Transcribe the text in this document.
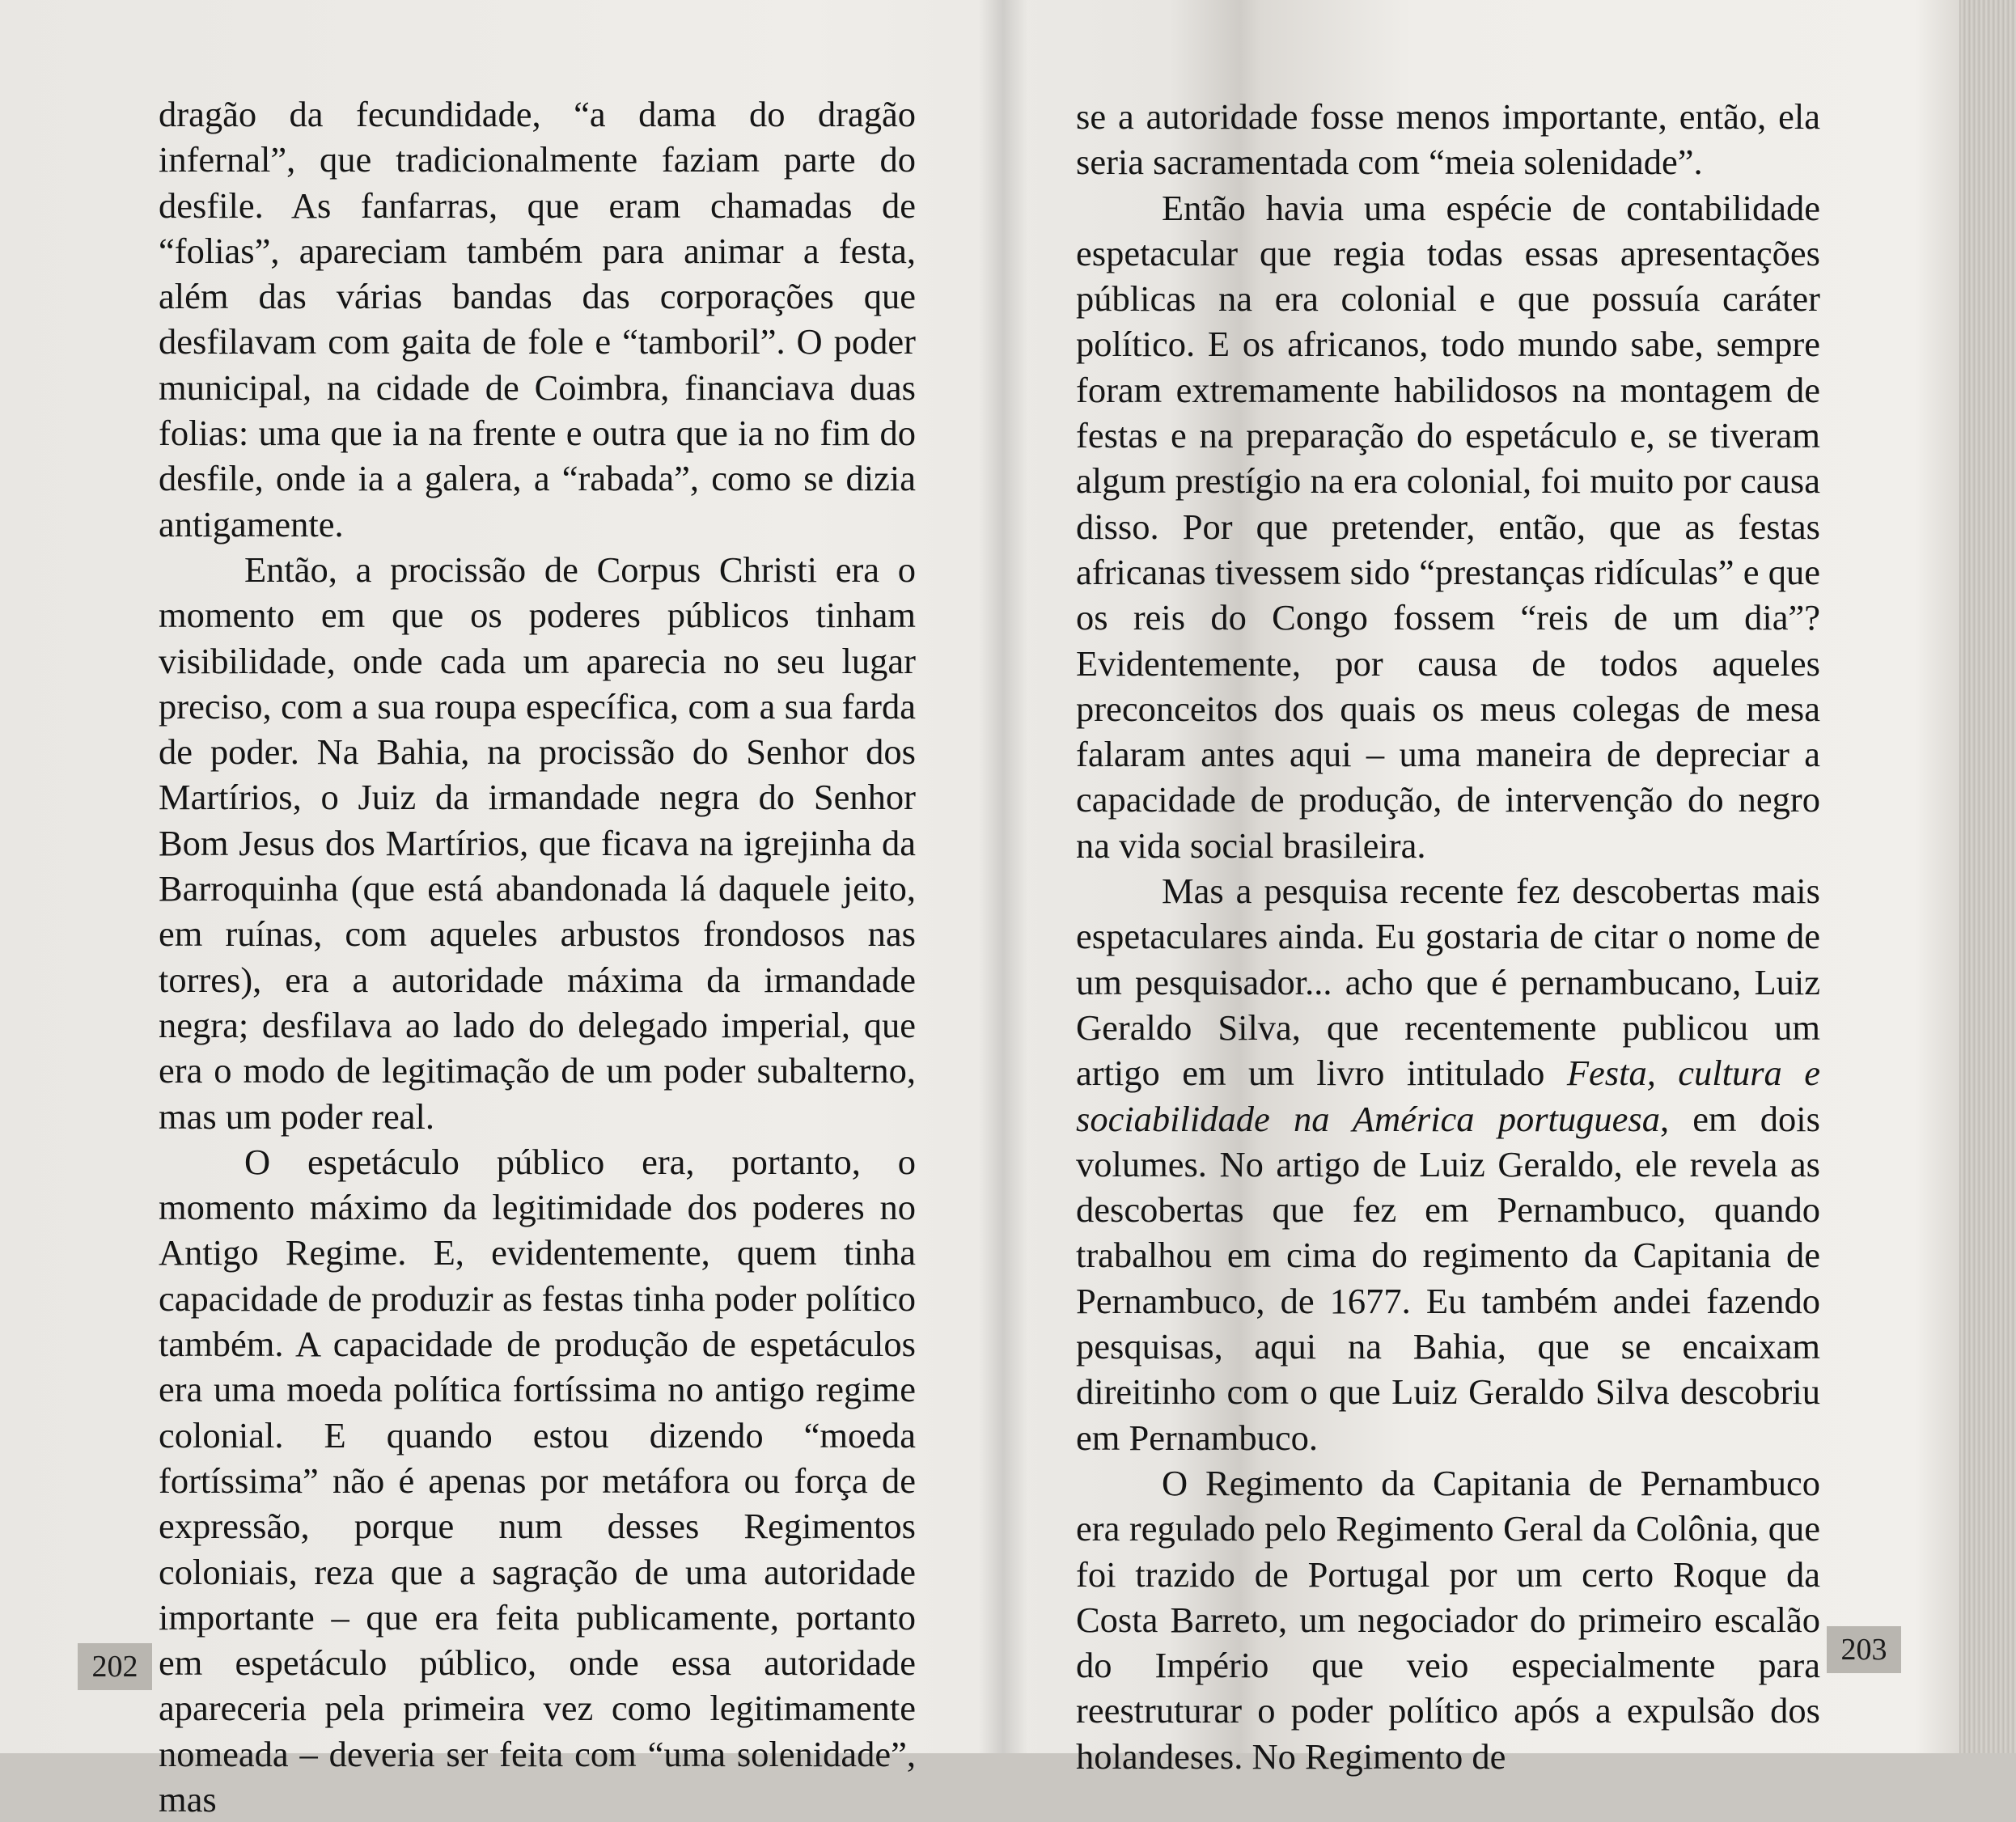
dragão da fecundidade, “a dama do dragão infernal”, que tradicionalmente faziam parte do desfile. As fanfarras, que eram chamadas de “folias”, apareciam também para animar a festa, além das várias bandas das corporações que desfilavam com gaita de fole e “tamboril”. O poder municipal, na cidade de Coimbra, financiava duas folias: uma que ia na frente e outra que ia no fim do desfile, onde ia a galera, a “rabada”, como se dizia antigamente.

Então, a procissão de Corpus Christi era o momento em que os poderes públicos tinham visibilidade, onde cada um aparecia no seu lugar preciso, com a sua roupa específica, com a sua farda de poder. Na Bahia, na procissão do Senhor dos Martírios, o Juiz da irmandade negra do Senhor Bom Jesus dos Martírios, que ficava na igrejinha da Barroquinha (que está abandonada lá daquele jeito, em ruínas, com aqueles arbustos frondosos nas torres), era a autoridade máxima da irmandade negra; desfilava ao lado do delegado imperial, que era o modo de legitimação de um poder subalterno, mas um poder real.

O espetáculo público era, portanto, o momento máximo da legitimidade dos poderes no Antigo Regime. E, evidentemente, quem tinha capacidade de produzir as festas tinha poder político também. A capacidade de produção de espetáculos era uma moeda política fortíssima no antigo regime colonial. E quando estou dizendo “moeda fortíssima” não é apenas por metáfora ou força de expressão, porque num desses Regimentos coloniais, reza que a sagração de uma autoridade importante – que era feita publicamente, portanto em espetáculo público, onde essa autoridade apareceria pela primeira vez como legitimamente nomeada – deveria ser feita com “uma solenidade”, mas

202

se a autoridade fosse menos importante, então, ela seria sacramentada com “meia solenidade”.

Então havia uma espécie de contabilidade espetacular que regia todas essas apresentações públicas na era colonial e que possuía caráter político. E os africanos, todo mundo sabe, sempre foram extremamente habilidosos na montagem de festas e na preparação do espetáculo e, se tiveram algum prestígio na era colonial, foi muito por causa disso. Por que pretender, então, que as festas africanas tivessem sido “prestanças ridículas” e que os reis do Congo fossem “reis de um dia”? Evidentemente, por causa de todos aqueles preconceitos dos quais os meus colegas de mesa falaram antes aqui – uma maneira de depreciar a capacidade de produção, de intervenção do negro na vida social brasileira.

Mas a pesquisa recente fez descobertas mais espetaculares ainda. Eu gostaria de citar o nome de um pesquisador... acho que é pernambucano, Luiz Geraldo Silva, que recentemente publicou um artigo em um livro intitulado Festa, cultura e sociabilidade na América portuguesa, em dois volumes. No artigo de Luiz Geraldo, ele revela as descobertas que fez em Pernambuco, quando trabalhou em cima do regimento da Capitania de Pernambuco, de 1677. Eu também andei fazendo pesquisas, aqui na Bahia, que se encaixam direitinho com o que Luiz Geraldo Silva descobriu em Pernambuco.

O Regimento da Capitania de Pernambuco era regulado pelo Regimento Geral da Colônia, que foi trazido de Portugal por um certo Roque da Costa Barreto, um negociador do primeiro escalão do Império que veio especialmente para reestruturar o poder político após a expulsão dos holandeses. No Regimento de

203
